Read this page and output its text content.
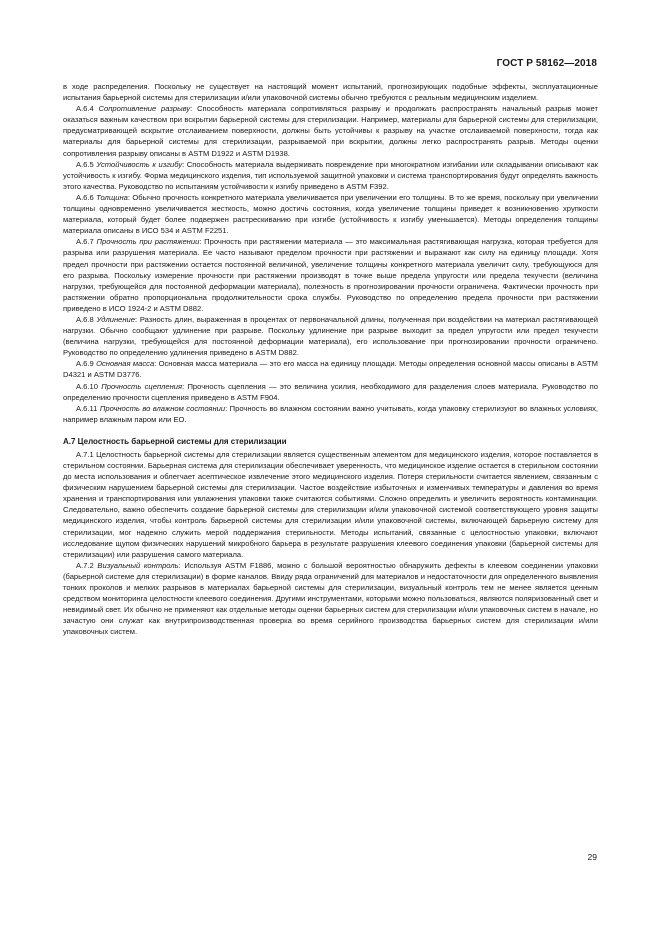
ГОСТ Р 58162—2018

в ходе распределения. Поскольку не существует на настоящий момент испытаний, прогнозирующих подобные эффекты, эксплуатационные испытания барьерной системы для стерилизации и/или упаковочной системы обычно требуются с реальным медицинским изделием.

А.6.4 Сопротивление разрыву: Способность материала сопротивляться разрыву и продолжать распространять начальный разрыв может оказаться важным качеством при вскрытии барьерной системы для стерилизации. Например, материалы для барьерной системы для стерилизации, предусматривающей вскрытие отслаиванием поверхности, должны быть устойчивы к разрыву на участке отслаиваемой поверхности, тогда как материалы для барьерной системы для стерилизации, разрываемой при вскрытии, должны легко распространять разрыв. Методы оценки сопротивления разрыву описаны в ASTM D1922 и ASTM D1938.

А.6.5 Устойчивость к изгибу: Способность материала выдерживать повреждение при многократном изгибании или складывании описывают как устойчивость к изгибу. Форма медицинского изделия, тип используемой защитной упаковки и система транспортирования будут определять важность этого качества. Руководство по испытаниям устойчивости к изгибу приведено в ASTM F392.

А.6.6 Толщина: Обычно прочность конкретного материала увеличивается при увеличении его толщины. В то же время, поскольку при увеличении толщины одновременно увеличивается жесткость, можно достичь состояния, когда увеличение толщины приведет к возникновению хрупкости материала, который будет более подвержен растрескиванию при изгибе (устойчивость к изгибу уменьшается). Методы определения толщины материала описаны в ИСО 534 и ASTM F2251.

А.6.7 Прочность при растяжении: Прочность при растяжении материала — это максимальная растягивающая нагрузка, которая требуется для разрыва или разрушения материала. Ее часто называют пределом прочности при растяжении и выражают как силу на единицу площади. Хотя предел прочности при растяжении остается постоянной величиной, увеличение толщины конкретного материала увеличит силу, требующуюся для его разрыва. Поскольку измерение прочности при растяжении производят в точке выше предела упругости или предела текучести (величина нагрузки, требующейся для постоянной деформации материала), полезность в прогнозировании прочности ограничена. Фактически прочность при растяжении обратно пропорциональна продолжительности срока службы. Руководство по определению предела прочности при растяжении приведено в ИСО 1924-2 и ASTM D882.

А.6.8 Удлинение: Разность длин, выраженная в процентах от первоначальной длины, полученная при воздействии на материал растягивающей нагрузки. Обычно сообщают удлинение при разрыве. Поскольку удлинение при разрыве выходит за предел упругости или предел текучести (величина нагрузки, требующейся для постоянной деформации материала), его использование при прогнозировании прочности ограничено. Руководство по определению удлинения приведено в ASTM D882.

А.6.9 Основная масса: Основная масса материала — это его масса на единицу площади. Методы определения основной массы описаны в ASTM D4321 и ASTM D3776.

А.6.10 Прочность сцепления: Прочность сцепления — это величина усилия, необходимого для разделения слоев материала. Руководство по определению прочности сцепления приведено в ASTM F904.

А.6.11 Прочность во влажном состоянии: Прочность во влажном состоянии важно учитывать, когда упаковку стерилизуют во влажных условиях, например влажным паром или ЕО.

А.7 Целостность барьерной системы для стерилизации

А.7.1 Целостность барьерной системы для стерилизации является существенным элементом для медицинского изделия, которое поставляется в стерильном состоянии. Барьерная система для стерилизации обеспечивает уверенность, что медицинское изделие остается в стерильном состоянии до места использования и облегчает асептическое извлечение этого медицинского изделия. Потеря стерильности считается явлением, связанным с физическим нарушением барьерной системы для стерилизации. Частое воздействие избыточных и изменчивых температуры и давления во время хранения и транспортирования или увлажнения упаковки также считаются событиями. Сложно определить и увеличить вероятность контаминации. Следовательно, важно обеспечить создание барьерной системы для стерилизации и/или упаковочной системой соответствующего уровня защиты медицинского изделия, чтобы контроль барьерной системы для стерилизации и/или упаковочной системы, включающей барьерную систему для стерилизации, мог надежно служить мерой поддержания стерильности. Методы испытаний, связанные с целостностью упаковки, включают исследование щупом физических нарушений микробного барьера в результате разрушения клеевого соединения упаковки (барьерной системы для стерилизации) или разрушения самого материала.

А.7.2 Визуальный контроль: Используя ASTM F1886, можно с большой вероятностью обнаружить дефекты в клеевом соединении упаковки (барьерной системе для стерилизации) в форме каналов. Ввиду ряда ограничений для материалов и недостаточности для определенного выявления тонких проколов и мелких разрывов в материалах барьерной системы для стерилизации, визуальный контроль тем не менее является ценным средством мониторинга целостности клеевого соединения. Другими инструментами, которыми можно пользоваться, являются поляризованный свет и невидимый свет. Их обычно не применяют как отдельные методы оценки барьерных систем для стерилизации и/или упаковочных систем в начале, но зачастую они служат как внутрипроизводственная проверка во время серийного производства барьерных систем для стерилизации и/или упаковочных систем.

29
